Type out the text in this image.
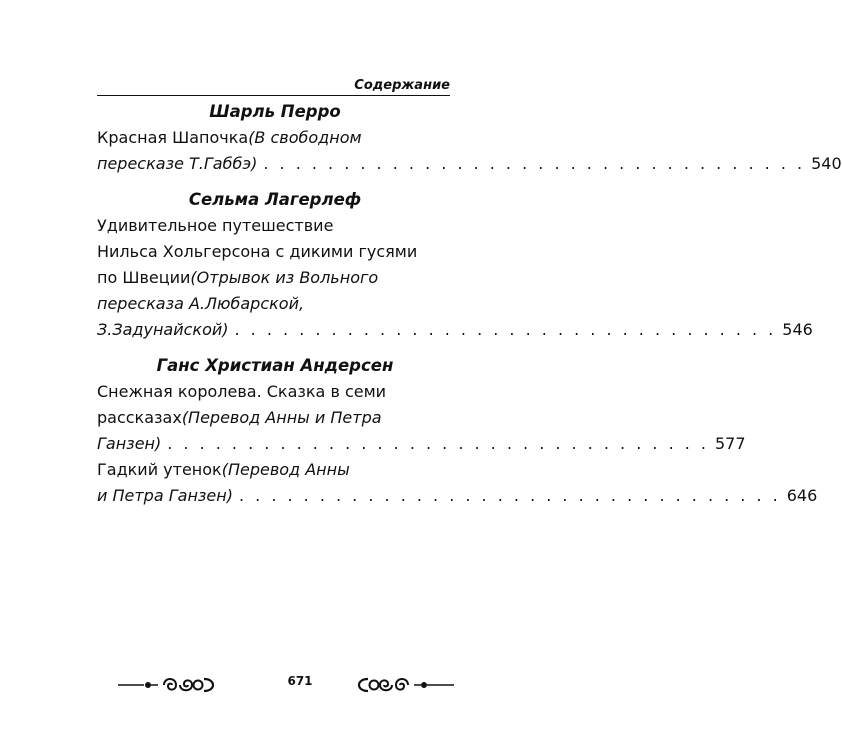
Содержание
Шарль Перро
Красная Шапочка (В свободном
пересказе Т.Габбэ) . . . . . . . . . . . . . . . . . . . . . . . . . . . . . . . . . . 540
Сельма Лагерлеф
Удивительное путешествие
Нильса Хольгерсона с дикими гусями
по Швеции (Отрывок из Вольного
пересказа А.Любарской,
З.Задунайской) . . . . . . . . . . . . . . . . . . . . . . . . . . . . . . . . . . 546
Ганс Христиан Андерсен
Снежная королева. Сказка в семи
рассказах (Перевод Анны и Петра
Ганзен) . . . . . . . . . . . . . . . . . . . . . . . . . . . . . . . . . . 577
Гадкий утенок (Перевод Анны
и Петра Ганзен) . . . . . . . . . . . . . . . . . . . . . . . . . . . . . . . . . . 646
671
